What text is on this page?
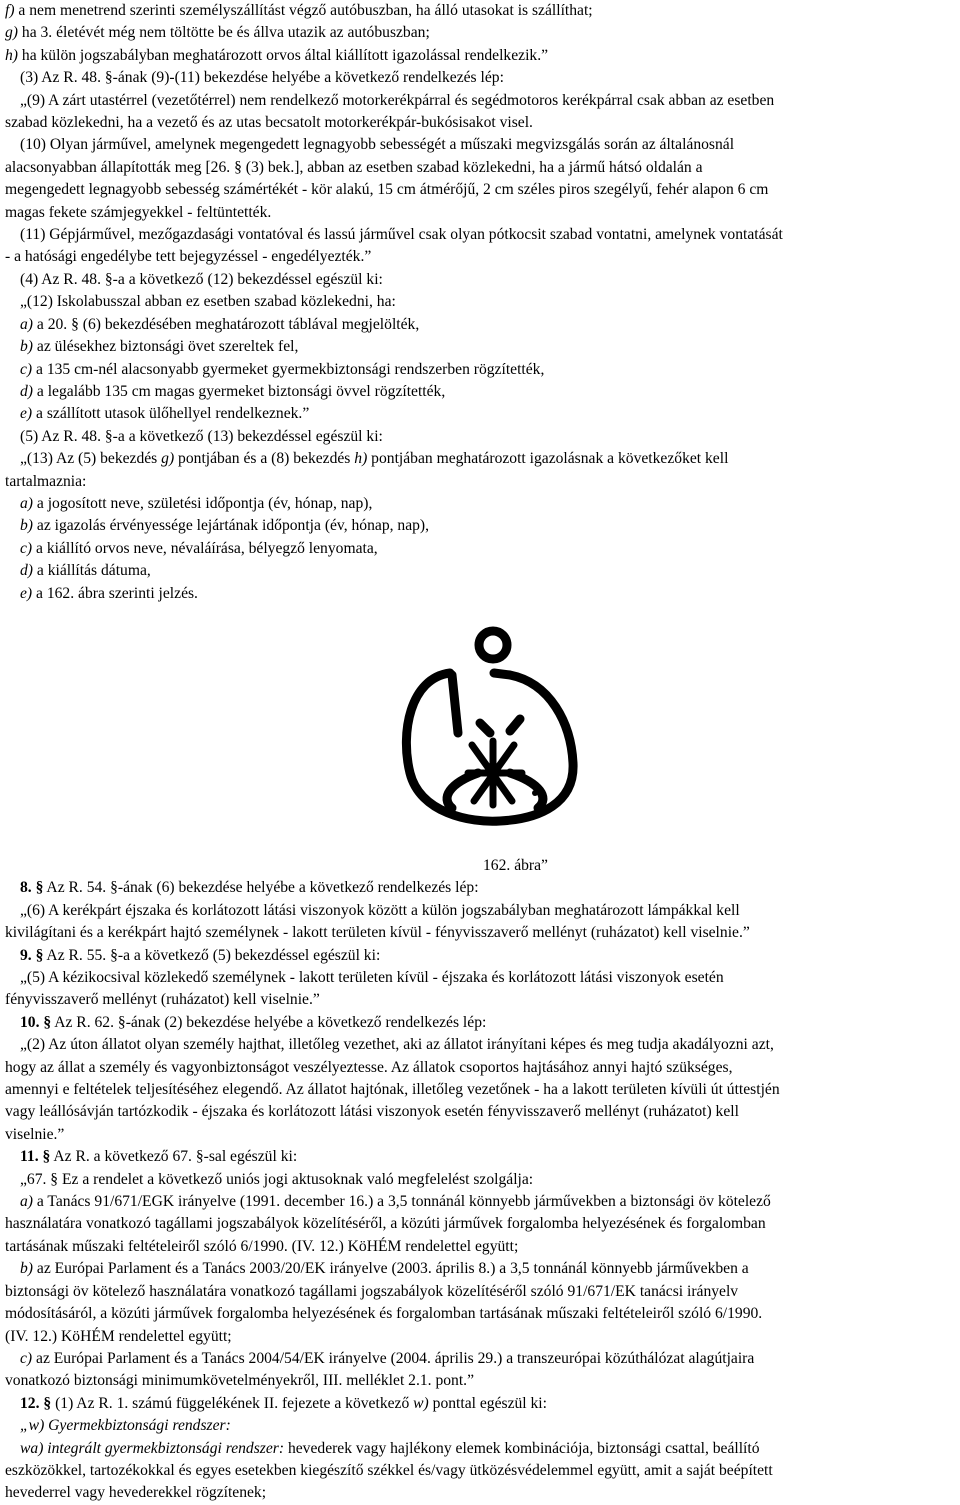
f) a nem menetrend szerinti személyszállítást végző autóbuszban, ha álló utasokat is szállíthat;

g) ha 3. életévét még nem töltötte be és állva utazik az autóbuszban;

h) ha külön jogszabályban meghatározott orvos által kiállított igazolással rendelkezik.”

(3) Az R. 48. §-ának (9)-(11) bekezdése helyébe a következő rendelkezés lép:

„(9) A zárt utastérrel (vezetőtérrel) nem rendelkező motorkerékpárral és segédmotoros kerékpárral csak abban az esetben

szabad közlekedni, ha a vezető és az utas becsatolt motorkerékpár-bukósisakot visel.

(10) Olyan járművel, amelynek megengedett legnagyobb sebességét a műszaki megvizsgálás során az általánosnál

alacsonyabban állapították meg [26. § (3) bek.], abban az esetben szabad közlekedni, ha a jármű hátsó oldalán a

megengedett legnagyobb sebesség számértékét - kör alakú, 15 cm átmérőjű, 2 cm széles piros szegélyű, fehér alapon 6 cm

magas fekete számjegyekkel - feltüntették.

(11) Gépjárművel, mezőgazdasági vontatóval és lassú járművel csak olyan pótkocsit szabad vontatni, amelynek vontatását

- a hatósági engedélybe tett bejegyzéssel - engedélyezték.”

(4) Az R. 48. §-a a következő (12) bekezdéssel egészül ki:

„(12) Iskolabusszal abban ez esetben szabad közlekedni, ha:

a) a 20. § (6) bekezdésében meghatározott táblával megjelölték,

b) az ülésekhez biztonsági övet szereltek fel,

c) a 135 cm-nél alacsonyabb gyermeket gyermekbiztonsági rendszerben rögzítették,

d) a legalább 135 cm magas gyermeket biztonsági övvel rögzítették,

e) a szállított utasok ülőhellyel rendelkeznek.”

(5) Az R. 48. §-a a következő (13) bekezdéssel egészül ki:

„(13) Az (5) bekezdés g) pontjában és a (8) bekezdés h) pontjában meghatározott igazolásnak a következőket kell

tartalmaznia:

a) a jogosított neve, születési időpontja (év, hónap, nap),

b) az igazolás érvényessége lejártának időpontja (év, hónap, nap),

c) a kiállító orvos neve, névaláírása, bélyegző lenyomata,

d) a kiállítás dátuma,

e) a 162. ábra szerinti jelzés.

162. ábra”

8. § Az R. 54. §-ának (6) bekezdése helyébe a következő rendelkezés lép:

„(6) A kerékpárt éjszaka és korlátozott látási viszonyok között a külön jogszabályban meghatározott lámpákkal kell

kivilágítani és a kerékpárt hajtó személynek - lakott területen kívül - fényvisszaverő mellényt (ruházatot) kell viselnie.”

9. § Az R. 55. §-a a következő (5) bekezdéssel egészül ki:

„(5) A kézikocsival közlekedő személynek - lakott területen kívül - éjszaka és korlátozott látási viszonyok esetén

fényvisszaverő mellényt (ruházatot) kell viselnie.”

10. § Az R. 62. §-ának (2) bekezdése helyébe a következő rendelkezés lép:

„(2) Az úton állatot olyan személy hajthat, illetőleg vezethet, aki az állatot irányítani képes és meg tudja akadályozni azt,

hogy az állat a személy és vagyonbiztonságot veszélyeztesse. Az állatok csoportos hajtásához annyi hajtó szükséges,

amennyi e feltételek teljesítéséhez elegendő. Az állatot hajtónak, illetőleg vezetőnek - ha a lakott területen kívüli út úttestjén

vagy leállósávján tartózkodik - éjszaka és korlátozott látási viszonyok esetén fényvisszaverő mellényt (ruházatot) kell

viselnie.”

11. § Az R. a következő 67. §-sal egészül ki:

„67. § Ez a rendelet a következő uniós jogi aktusoknak való megfelelést szolgálja:

a) a Tanács 91/671/EGK irányelve (1991. december 16.) a 3,5 tonnánál könnyebb járművekben a biztonsági öv kötelező

használatára vonatkozó tagállami jogszabályok közelítéséről, a közúti járművek forgalomba helyezésének és forgalomban

tartásának műszaki feltételeiről szóló 6/1990. (IV. 12.) KöHÉM rendelettel együtt;

b) az Európai Parlament és a Tanács 2003/20/EK irányelve (2003. április 8.) a 3,5 tonnánál könnyebb járművekben a

biztonsági öv kötelező használatára vonatkozó tagállami jogszabályok közelítéséről szóló 91/671/EK tanácsi irányelv

módosításáról, a közúti járművek forgalomba helyezésének és forgalomban tartásának műszaki feltételeiről szóló 6/1990.

(IV. 12.) KöHÉM rendelettel együtt;

c) az Európai Parlament és a Tanács 2004/54/EK irányelve (2004. április 29.) a transzeurópai közúthálózat alagútjaira

vonatkozó biztonsági minimumkövetelményekről, III. melléklet 2.1. pont.”

12. § (1) Az R. 1. számú függelékének II. fejezete a következő w) ponttal egészül ki:

„w) Gyermekbiztonsági rendszer:

wa) integrált gyermekbiztonsági rendszer: hevederek vagy hajlékony elemek kombinációja, biztonsági csattal, beállító

eszközökkel, tartozékokkal és egyes esetekben kiegészítő székkel és/vagy ütközésvédelemmel együtt, amit a saját beépített

hevederrel vagy hevederekkel rögzítenek;
